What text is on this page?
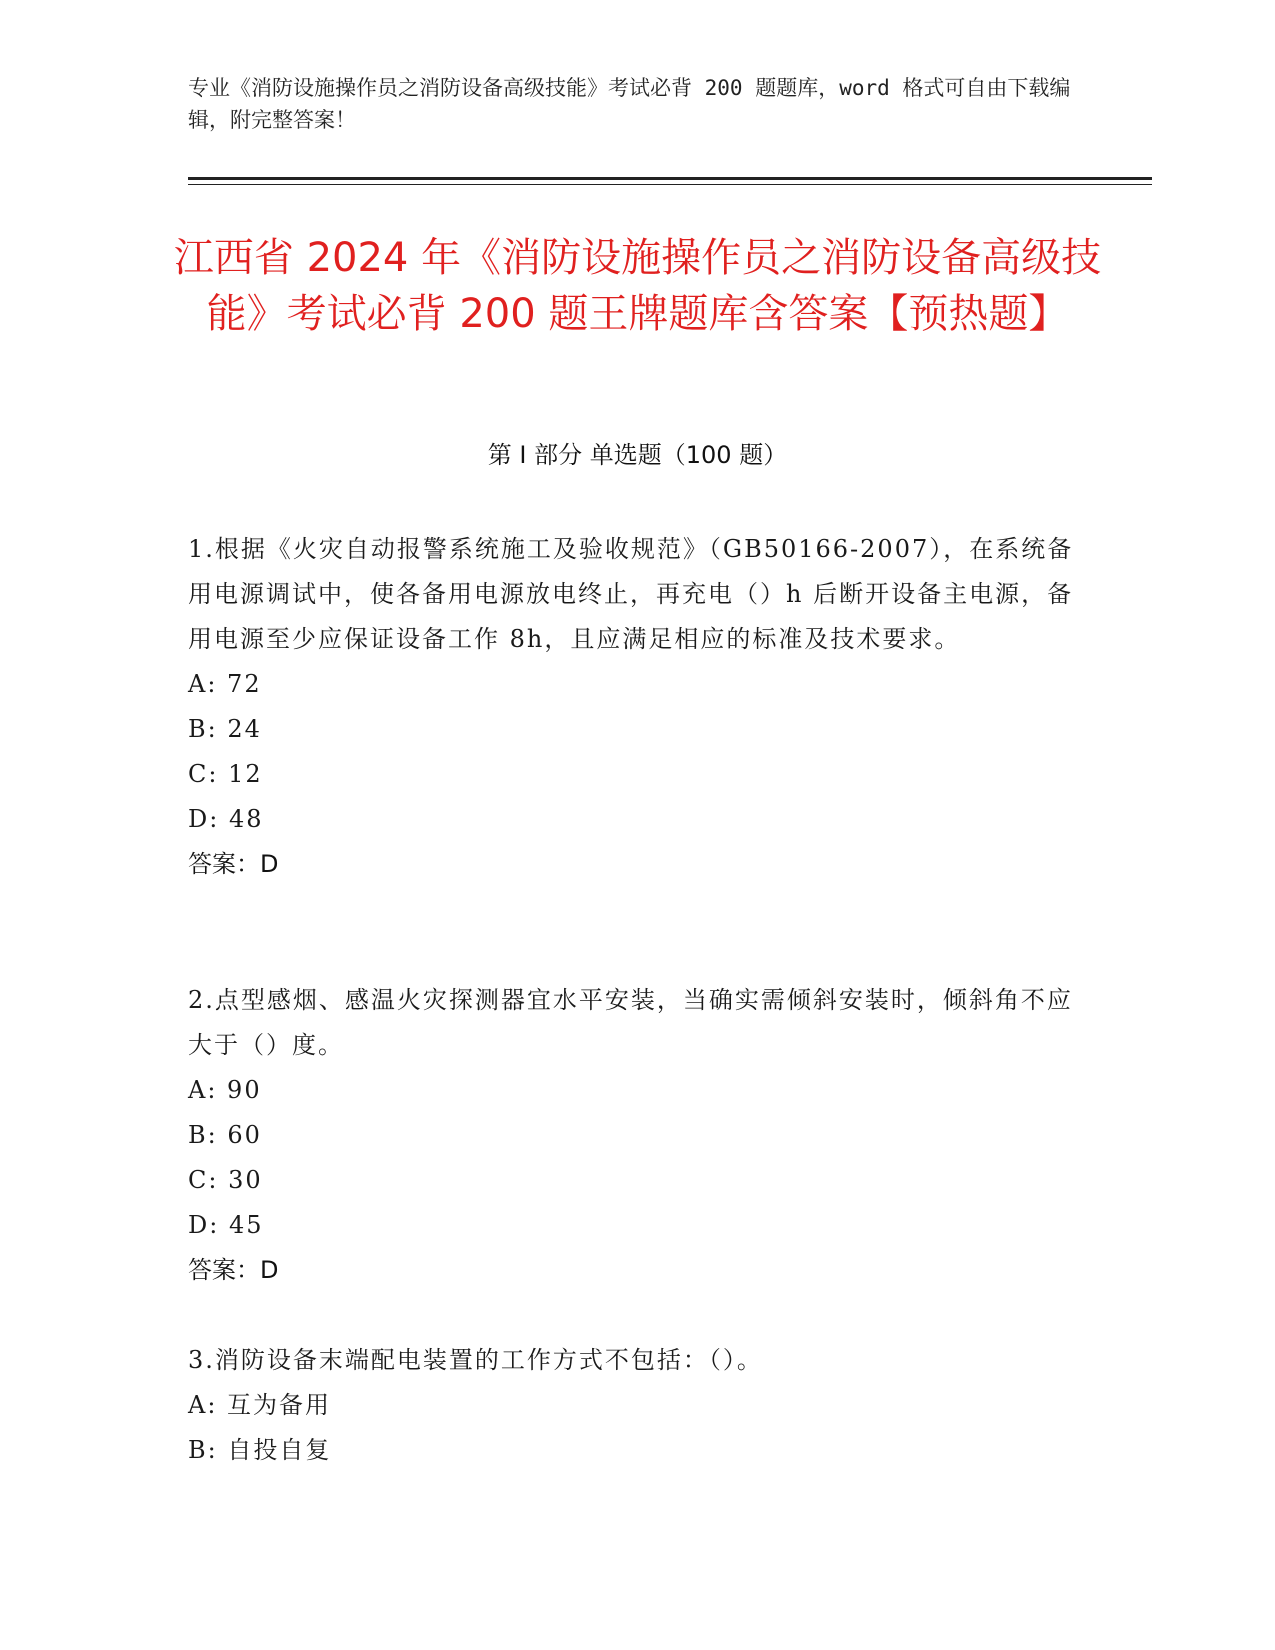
专业《消防设施操作员之消防设备高级技能》考试必背 200 题题库，word 格式可自由下载编辑，附完整答案！
江西省 2024 年《消防设施操作员之消防设备高级技能》考试必背 200 题王牌题库含答案【预热题】
第 I 部分 单选题（100 题）
1.根据《火灾自动报警系统施工及验收规范》（GB50166-2007），在系统备用电源调试中，使各备用电源放电终止，再充电（）h 后断开设备主电源，备用电源至少应保证设备工作 8h，且应满足相应的标准及技术要求。
A: 72
B: 24
C: 12
D: 48
答案：D
2.点型感烟、感温火灾探测器宜水平安装，当确实需倾斜安装时，倾斜角不应大于（）度。
A: 90
B: 60
C: 30
D: 45
答案：D
3.消防设备末端配电装置的工作方式不包括：（）。
A: 互为备用
B: 自投自复
